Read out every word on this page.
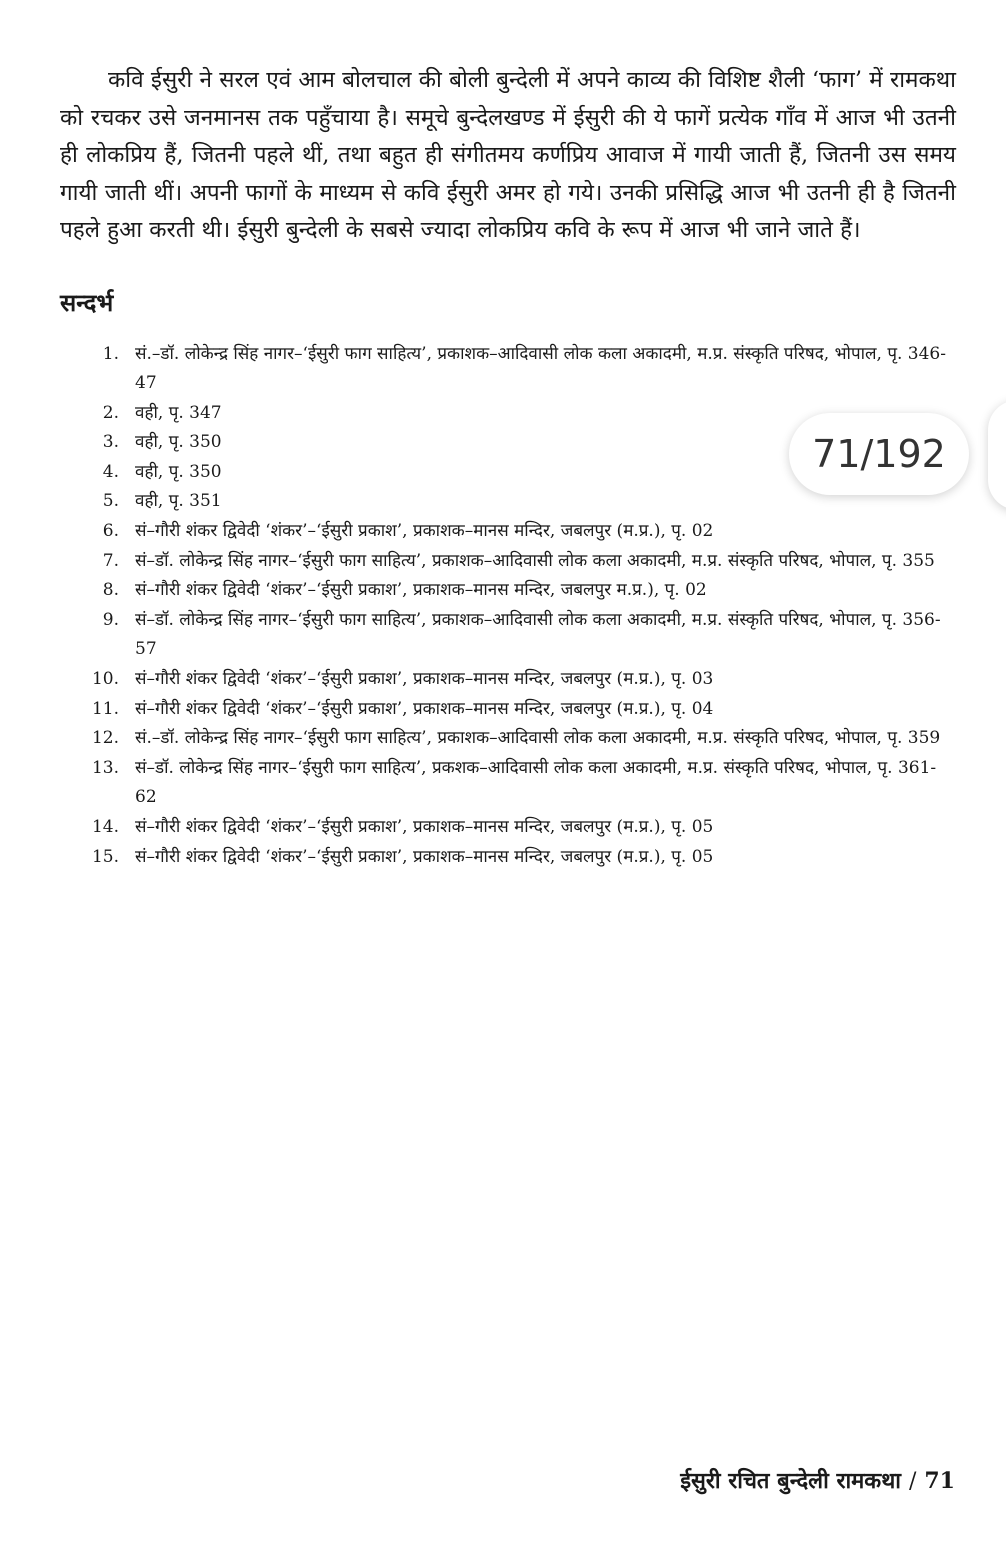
कवि ईसुरी ने सरल एवं आम बोलचाल की बोली बुन्देली में अपने काव्य की विशिष्ट शैली ‘फाग’ में रामकथा को रचकर उसे जनमानस तक पहुँचाया है। समूचे बुन्देलखण्ड में ईसुरी की ये फागें प्रत्येक गाँव में आज भी उतनी ही लोकप्रिय हैं, जितनी पहले थीं, तथा बहुत ही संगीतमय कर्णप्रिय आवाज में गायी जाती हैं, जितनी उस समय गायी जाती थीं। अपनी फागों के माध्यम से कवि ईसुरी अमर हो गये। उनकी प्रसिद्धि आज भी उतनी ही है जितनी पहले हुआ करती थी। ईसुरी बुन्देली के सबसे ज्यादा लोकप्रिय कवि के रूप में आज भी जाने जाते हैं।

सन्दर्भ
1. सं.–डॉ. लोकेन्द्र सिंह नागर–‘ईसुरी फाग साहित्य’, प्रकाशक–आदिवासी लोक कला अकादमी, म.प्र. संस्कृति परिषद, भोपाल, पृ. 346-47
2. वही, पृ. 347
3. वही, पृ. 350
4. वही, पृ. 350
5. वही, पृ. 351
6. सं–गौरी शंकर द्विवेदी ‘शंकर’–‘ईसुरी प्रकाश’, प्रकाशक–मानस मन्दिर, जबलपुर (म.प्र.), पृ. 02
7. सं–डॉ. लोकेन्द्र सिंह नागर–‘ईसुरी फाग साहित्य’, प्रकाशक–आदिवासी लोक कला अकादमी, म.प्र. संस्कृति परिषद, भोपाल, पृ. 355
8. सं–गौरी शंकर द्विवेदी ‘शंकर’–‘ईसुरी प्रकाश’, प्रकाशक–मानस मन्दिर, जबलपुर म.प्र.), पृ. 02
9. सं–डॉ. लोकेन्द्र सिंह नागर–‘ईसुरी फाग साहित्य’, प्रकाशक–आदिवासी लोक कला अकादमी, म.प्र. संस्कृति परिषद, भोपाल, पृ. 356-57
10. सं–गौरी शंकर द्विवेदी ‘शंकर’–‘ईसुरी प्रकाश’, प्रकाशक–मानस मन्दिर, जबलपुर (म.प्र.), पृ. 03
11. सं–गौरी शंकर द्विवेदी ‘शंकर’–‘ईसुरी प्रकाश’, प्रकाशक–मानस मन्दिर, जबलपुर (म.प्र.), पृ. 04
12. सं.–डॉ. लोकेन्द्र सिंह नागर–‘ईसुरी फाग साहित्य’, प्रकाशक–आदिवासी लोक कला अकादमी, म.प्र. संस्कृति परिषद, भोपाल, पृ. 359
13. सं–डॉ. लोकेन्द्र सिंह नागर–‘ईसुरी फाग साहित्य’, प्रकशक–आदिवासी लोक कला अकादमी, म.प्र. संस्कृति परिषद, भोपाल, पृ. 361-62
14. सं–गौरी शंकर द्विवेदी ‘शंकर’–‘ईसुरी प्रकाश’, प्रकाशक–मानस मन्दिर, जबलपुर (म.प्र.), पृ. 05
15. सं–गौरी शंकर द्विवेदी ‘शंकर’–‘ईसुरी प्रकाश’, प्रकाशक–मानस मन्दिर, जबलपुर (म.प्र.), पृ. 05
71/192
ईसुरी रचित बुन्देली रामकथा / 71
